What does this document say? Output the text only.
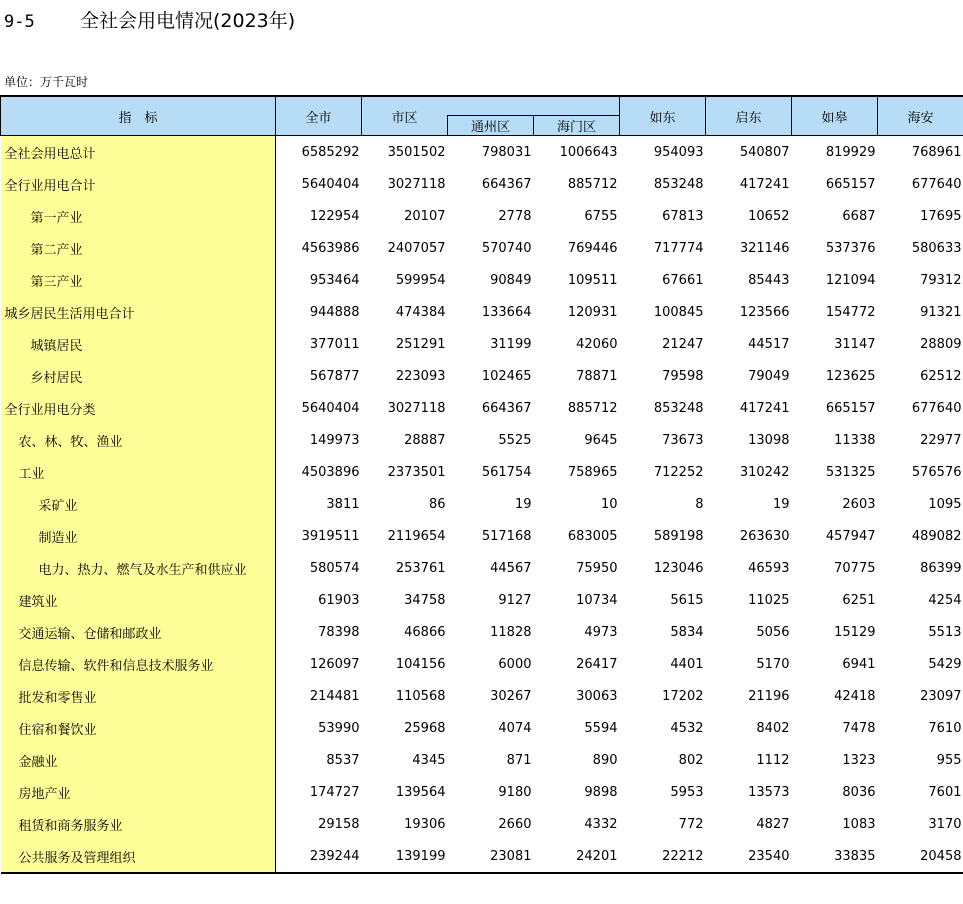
9-5 全社会用电情况(2023年)
单位：万千瓦时
指　标	全市	市区			如东	启东	如皋	海安
			通州区	海门区				
全社会用电总计	6585292	3501502	798031	1006643	954093	540807	819929	768961
全行业用电合计	5640404	3027118	664367	885712	853248	417241	665157	677640
第一产业	122954	20107	2778	6755	67813	10652	6687	17695
第二产业	4563986	2407057	570740	769446	717774	321146	537376	580633
第三产业	953464	599954	90849	109511	67661	85443	121094	79312
城乡居民生活用电合计	944888	474384	133664	120931	100845	123566	154772	91321
城镇居民	377011	251291	31199	42060	21247	44517	31147	28809
乡村居民	567877	223093	102465	78871	79598	79049	123625	62512
全行业用电分类	5640404	3027118	664367	885712	853248	417241	665157	677640
农、林、牧、渔业	149973	28887	5525	9645	73673	13098	11338	22977
工业	4503896	2373501	561754	758965	712252	310242	531325	576576
采矿业	3811	86	19	10	8	19	2603	1095
制造业	3919511	2119654	517168	683005	589198	263630	457947	489082
电力、热力、燃气及水生产和供应业	580574	253761	44567	75950	123046	46593	70775	86399
建筑业	61903	34758	9127	10734	5615	11025	6251	4254
交通运输、仓储和邮政业	78398	46866	11828	4973	5834	5056	15129	5513
信息传输、软件和信息技术服务业	126097	104156	6000	26417	4401	5170	6941	5429
批发和零售业	214481	110568	30267	30063	17202	21196	42418	23097
住宿和餐饮业	53990	25968	4074	5594	4532	8402	7478	7610
金融业	8537	4345	871	890	802	1112	1323	955
房地产业	174727	139564	9180	9898	5953	13573	8036	7601
租赁和商务服务业	29158	19306	2660	4332	772	4827	1083	3170
公共服务及管理组织	239244	139199	23081	24201	22212	23540	33835	20458
